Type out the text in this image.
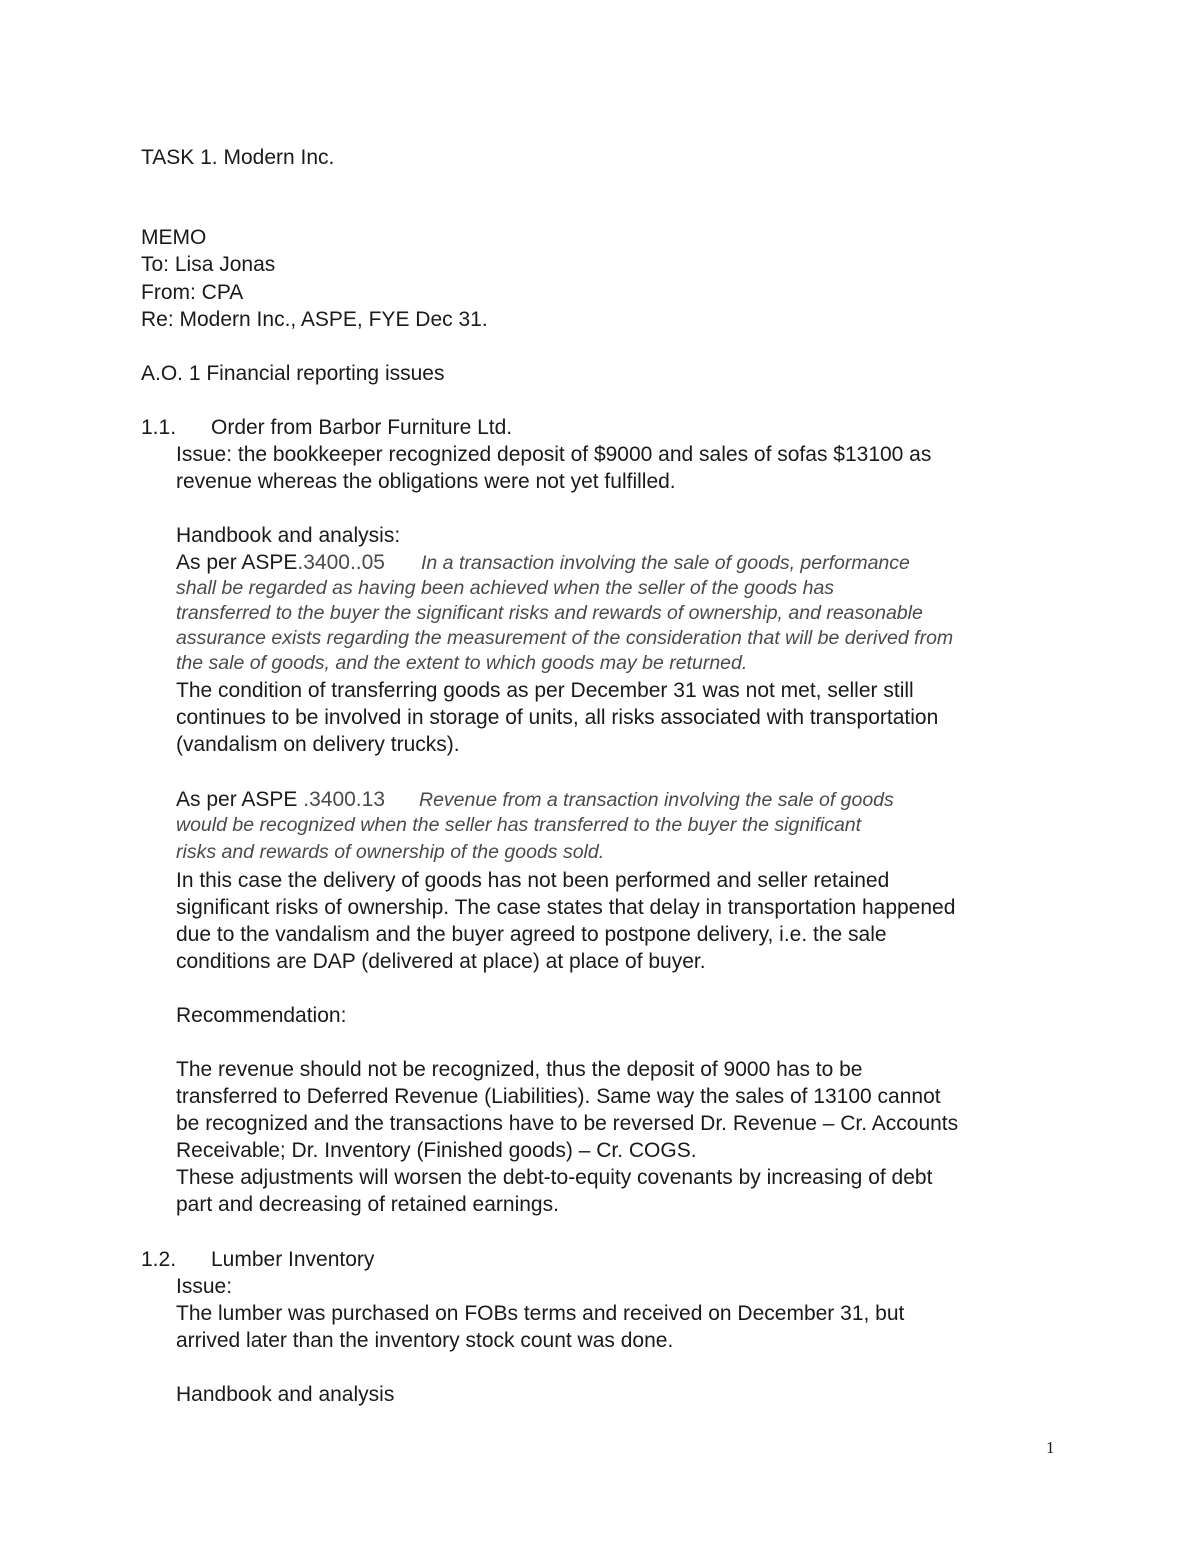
TASK 1. Modern Inc.
MEMO
To: Lisa Jonas
From: CPA
Re: Modern Inc., ASPE, FYE Dec 31.
A.O. 1 Financial reporting issues
1.1. Order from Barbor Furniture Ltd.
Issue: the bookkeeper recognized deposit of $9000 and sales of sofas $13100 as
revenue whereas the obligations were not yet fulfilled.
Handbook and analysis:
As per ASPE.3400..05 In a transaction involving the sale of goods, performance
shall be regarded as having been achieved when the seller of the goods has
transferred to the buyer the significant risks and rewards of ownership, and reasonable
assurance exists regarding the measurement of the consideration that will be derived from
the sale of goods, and the extent to which goods may be returned.
The condition of transferring goods as per December 31 was not met, seller still
continues to be involved in storage of units, all risks associated with transportation
(vandalism on delivery trucks).
As per ASPE .3400.13 Revenue from a transaction involving the sale of goods
would be recognized when the seller has transferred to the buyer the significant
risks and rewards of ownership of the goods sold.
In this case the delivery of goods has not been performed and seller retained
significant risks of ownership. The case states that delay in transportation happened
due to the vandalism and the buyer agreed to postpone delivery, i.e. the sale
conditions are DAP (delivered at place) at place of buyer.
Recommendation:
The revenue should not be recognized, thus the deposit of 9000 has to be
transferred to Deferred Revenue (Liabilities). Same way the sales of 13100 cannot
be recognized and the transactions have to be reversed Dr. Revenue – Cr. Accounts
Receivable; Dr. Inventory (Finished goods) – Cr. COGS.
These adjustments will worsen the debt-to-equity covenants by increasing of debt
part and decreasing of retained earnings.
1.2. Lumber Inventory
Issue:
The lumber was purchased on FOBs terms and received on December 31, but
arrived later than the inventory stock count was done.
Handbook and analysis
1
